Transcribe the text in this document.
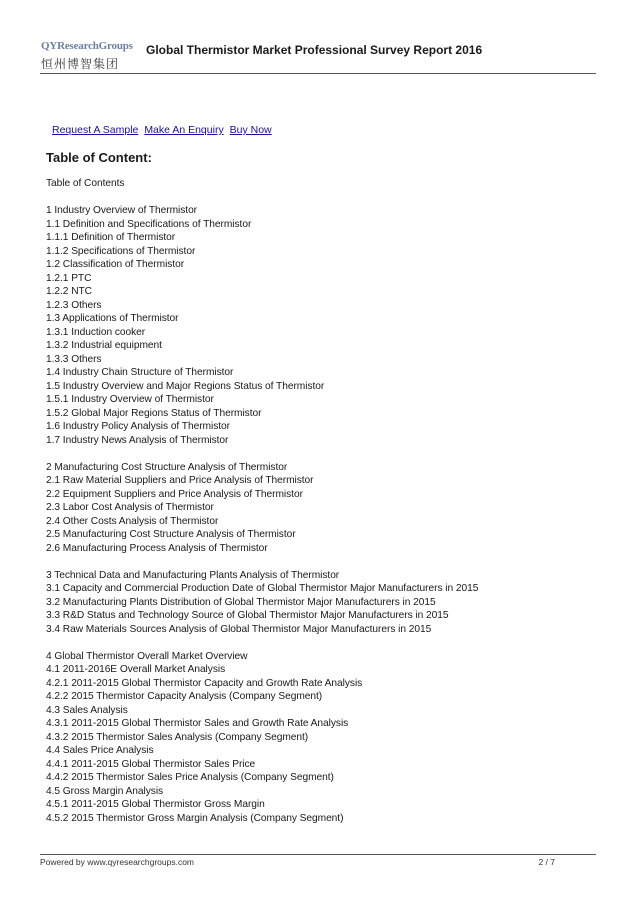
QYResearchGroups
恒州博智集团
Global Thermistor Market Professional Survey Report 2016
Request A Sample Make An Enquiry Buy Now
Table of Content:
Table of Contents
1 Industry Overview of Thermistor
1.1 Definition and Specifications of Thermistor
1.1.1 Definition of Thermistor
1.1.2 Specifications of Thermistor
1.2 Classification of Thermistor
1.2.1 PTC
1.2.2 NTC
1.2.3 Others
1.3 Applications of Thermistor
1.3.1 Induction cooker
1.3.2 Industrial equipment
1.3.3 Others
1.4 Industry Chain Structure of Thermistor
1.5 Industry Overview and Major Regions Status of Thermistor
1.5.1 Industry Overview of Thermistor
1.5.2 Global Major Regions Status of Thermistor
1.6 Industry Policy Analysis of Thermistor
1.7 Industry News Analysis of Thermistor
2 Manufacturing Cost Structure Analysis of Thermistor
2.1 Raw Material Suppliers and Price Analysis of Thermistor
2.2 Equipment Suppliers and Price Analysis of Thermistor
2.3 Labor Cost Analysis of Thermistor
2.4 Other Costs Analysis of Thermistor
2.5 Manufacturing Cost Structure Analysis of Thermistor
2.6 Manufacturing Process Analysis of Thermistor
3 Technical Data and Manufacturing Plants Analysis of Thermistor
3.1 Capacity and Commercial Production Date of Global Thermistor Major Manufacturers in 2015
3.2 Manufacturing Plants Distribution of Global Thermistor Major Manufacturers in 2015
3.3 R&D Status and Technology Source of Global Thermistor Major Manufacturers in 2015
3.4 Raw Materials Sources Analysis of Global Thermistor Major Manufacturers in 2015
4 Global Thermistor Overall Market Overview
4.1 2011-2016E Overall Market Analysis
4.2.1 2011-2015 Global Thermistor Capacity and Growth Rate Analysis
4.2.2 2015 Thermistor Capacity Analysis (Company Segment)
4.3 Sales Analysis
4.3.1 2011-2015 Global Thermistor Sales and Growth Rate Analysis
4.3.2 2015 Thermistor Sales Analysis (Company Segment)
4.4 Sales Price Analysis
4.4.1 2011-2015 Global Thermistor Sales Price
4.4.2 2015 Thermistor Sales Price Analysis (Company Segment)
4.5 Gross Margin Analysis
4.5.1 2011-2015 Global Thermistor Gross Margin
4.5.2 2015 Thermistor Gross Margin Analysis (Company Segment)
Powered by www.qyresearchgroups.com	2 / 7
